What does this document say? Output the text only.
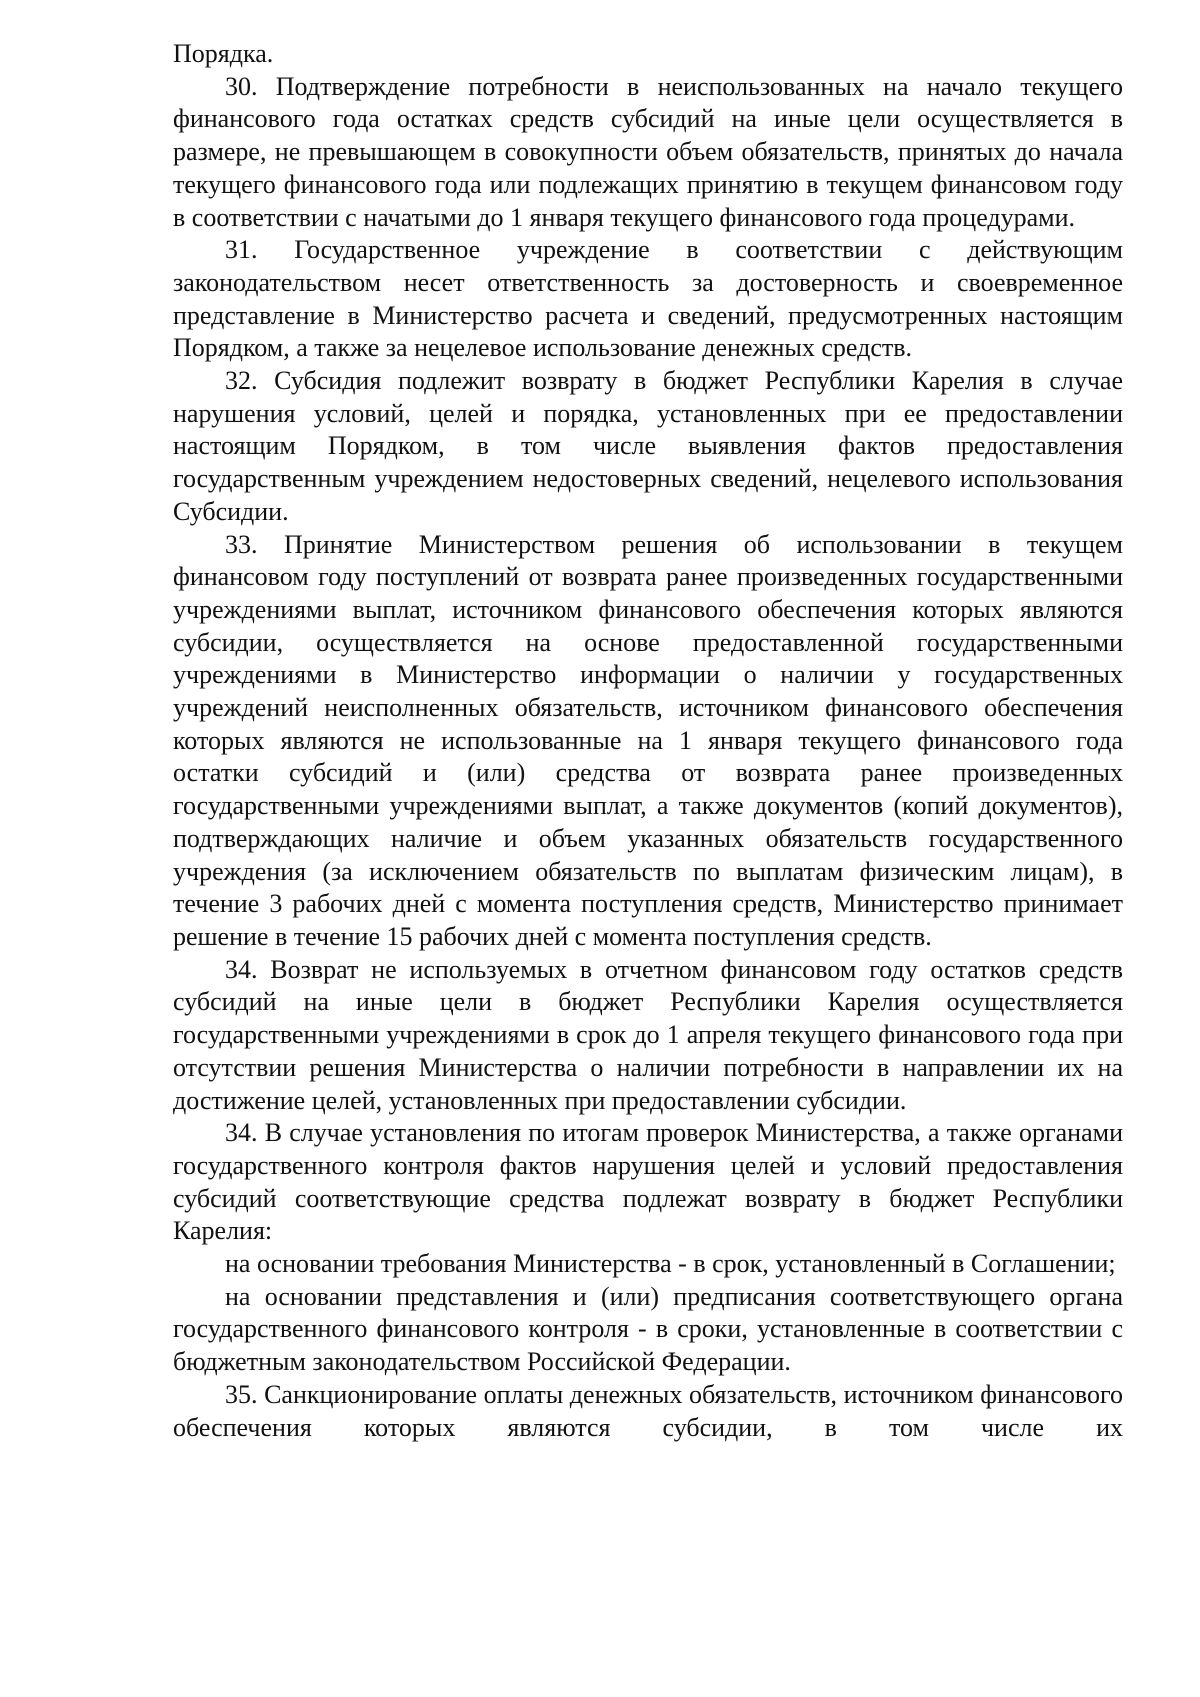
Порядка.

30. Подтверждение потребности в неиспользованных на начало текущего финансового года остатках средств субсидий на иные цели осуществляется в размере, не превышающем в совокупности объем обязательств, принятых до начала текущего финансового года или подлежащих принятию в текущем финансовом году в соответствии с начатыми до 1 января текущего финансового года процедурами.

31. Государственное учреждение в соответствии с действующим законодательством несет ответственность за достоверность и своевременное представление в Министерство расчета и сведений, предусмотренных настоящим Порядком, а также за нецелевое использование денежных средств.

32. Субсидия подлежит возврату в бюджет Республики Карелия в случае нарушения условий, целей и порядка, установленных при ее предоставлении настоящим Порядком, в том числе выявления фактов предоставления государственным учреждением недостоверных сведений, нецелевого использования Субсидии.

33. Принятие Министерством решения об использовании в текущем финансовом году поступлений от возврата ранее произведенных государственными учреждениями выплат, источником финансового обеспечения которых являются субсидии, осуществляется на основе предоставленной государственными учреждениями в Министерство информации о наличии у государственных учреждений неисполненных обязательств, источником финансового обеспечения которых являются не использованные на 1 января текущего финансового года остатки субсидий и (или) средства от возврата ранее произведенных государственными учреждениями выплат, а также документов (копий документов), подтверждающих наличие и объем указанных обязательств государственного учреждения (за исключением обязательств по выплатам физическим лицам), в течение 3 рабочих дней с момента поступления средств, Министерство принимает решение в течение 15 рабочих дней с момента поступления средств.

34. Возврат не используемых в отчетном финансовом году остатков средств субсидий на иные цели в бюджет Республики Карелия осуществляется государственными учреждениями в срок до 1 апреля текущего финансового года при отсутствии решения Министерства о наличии потребности в направлении их на достижение целей, установленных при предоставлении субсидии.

34. В случае установления по итогам проверок Министерства, а также органами государственного контроля фактов нарушения целей и условий предоставления субсидий соответствующие средства подлежат возврату в бюджет Республики Карелия:

на основании требования Министерства - в срок, установленный в Соглашении;

на основании представления и (или) предписания соответствующего органа государственного финансового контроля - в сроки, установленные в соответствии с бюджетным законодательством Российской Федерации.

35. Санкционирование оплаты денежных обязательств, источником финансового обеспечения которых являются субсидии, в том числе их
